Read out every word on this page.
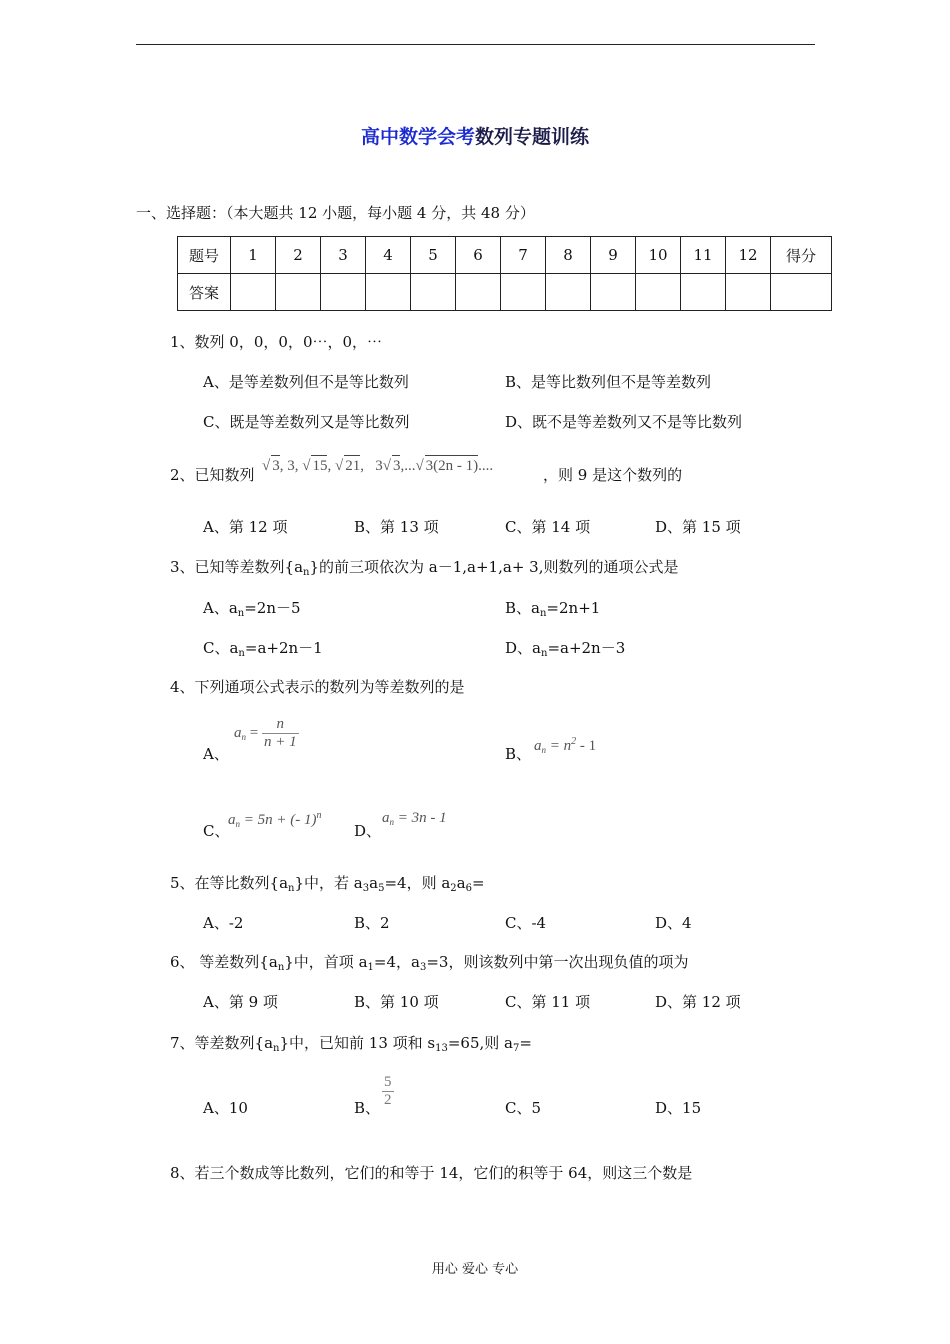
高中数学会考数列专题训练
一、选择题：（本大题共 12 小题，每小题 4 分，共 48 分）
题号	1	2	3	4	5	6	7	8	9	10	11	12	得分
答案													
1、数列 0，0，0，0⋯，0，⋯
A、是等差数列但不是等比数列	B、是等比数列但不是等差数列
C、既是等差数列又是等比数列	D、既不是等差数列又不是等比数列
2、已知数列 √ 3, 3, √ 15, √ 21, 3√ 3,...√ 3(2n - 1)....	，则 9 是这个数列的
A、第 12 项	B、第 13 项	C、第 14 项	D、第 15 项
3、已知等差数列$\{a_n\}$的前三项依次为 a－1,a+1,a+ 3,则数列的通项公式是
A、$a_n=2n-5$	B、$a_n=2n+1$
C、$a_n=a+2n-1$	D、$a_n=a+2n-3$
4、下列通项公式表示的数列为等差数列的是
A、
$a_n = \frac{n}{n + 1}$
B、 $a_n = n^2 - 1$
C、
$a_n = 5n$ + (- 1)$^n$
D、
$a_n = 3n - 1$
5、在等比数列$\{a_n\}$中，若 $a_3a_5=4$，则 $a_2a_6=$
A、-2	B、2	C、-4	D、4
6、 等差数列$\{a_n\}$中，首项 $a_1=4$，$a_3=3$，则该数列中第一次出现负值的项为
A、第 9 项	B、第 10 项	C、第 11 项	D、第 12 项
7、等差数列$\{a_n\}$中，已知前 13 项和 $s_{13}=65$,则 $a_7=$
A、10	B、 $\frac{5}{2}$	C、5	D、15
8、若三个数成等比数列，它们的和等于 14，它们的积等于 64，则这三个数是
用心 爱心 专心
